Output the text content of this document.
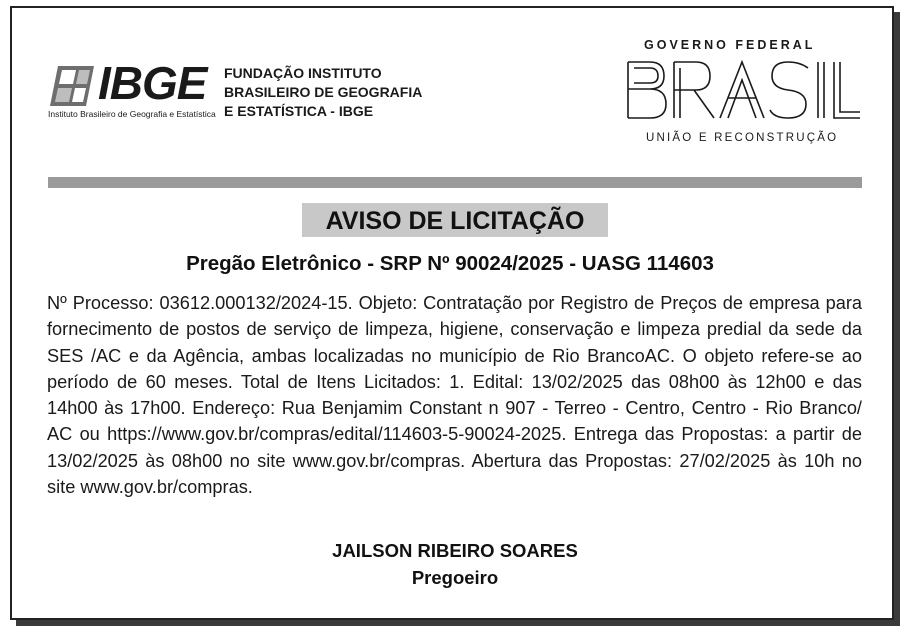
IBGE
Instituto Brasileiro de Geografia e Estatística
FUNDAÇÃO INSTITUTO
BRASILEIRO DE GEOGRAFIA
E ESTATÍSTICA - IBGE
GOVERNO FEDERAL
UNIÃO E RECONSTRUÇÃO
AVISO DE LICITAÇÃO
Pregão Eletrônico - SRP Nº 90024/2025 - UASG 114603

Nº Processo: 03612.000132/2024-15. Objeto: Contratação por Registro de Preços de empresa para fornecimento de postos de serviço de limpeza, higiene, conservação e limpeza predial da sede da SES /AC e da Agência, ambas localizadas no município de Rio BrancoAC. O objeto refere-se ao período de 60 meses. Total de Itens Licitados: 1. Edital: 13/02/2025 das 08h00 às 12h00 e das 14h00 às 17h00. Endereço: Rua Benjamim Constant n 907 - Terreo - Centro, Centro - Rio Branco/ AC ou https://www.gov.br/compras/edital/114603-5-90024-2025. Entrega das Propostas: a partir de 13/02/2025 às 08h00 no site www.gov.br/compras. Abertura das Propostas: 27/02/2025 às 10h no site www.gov.br/compras.

JAILSON RIBEIRO SOARES
Pregoeiro
